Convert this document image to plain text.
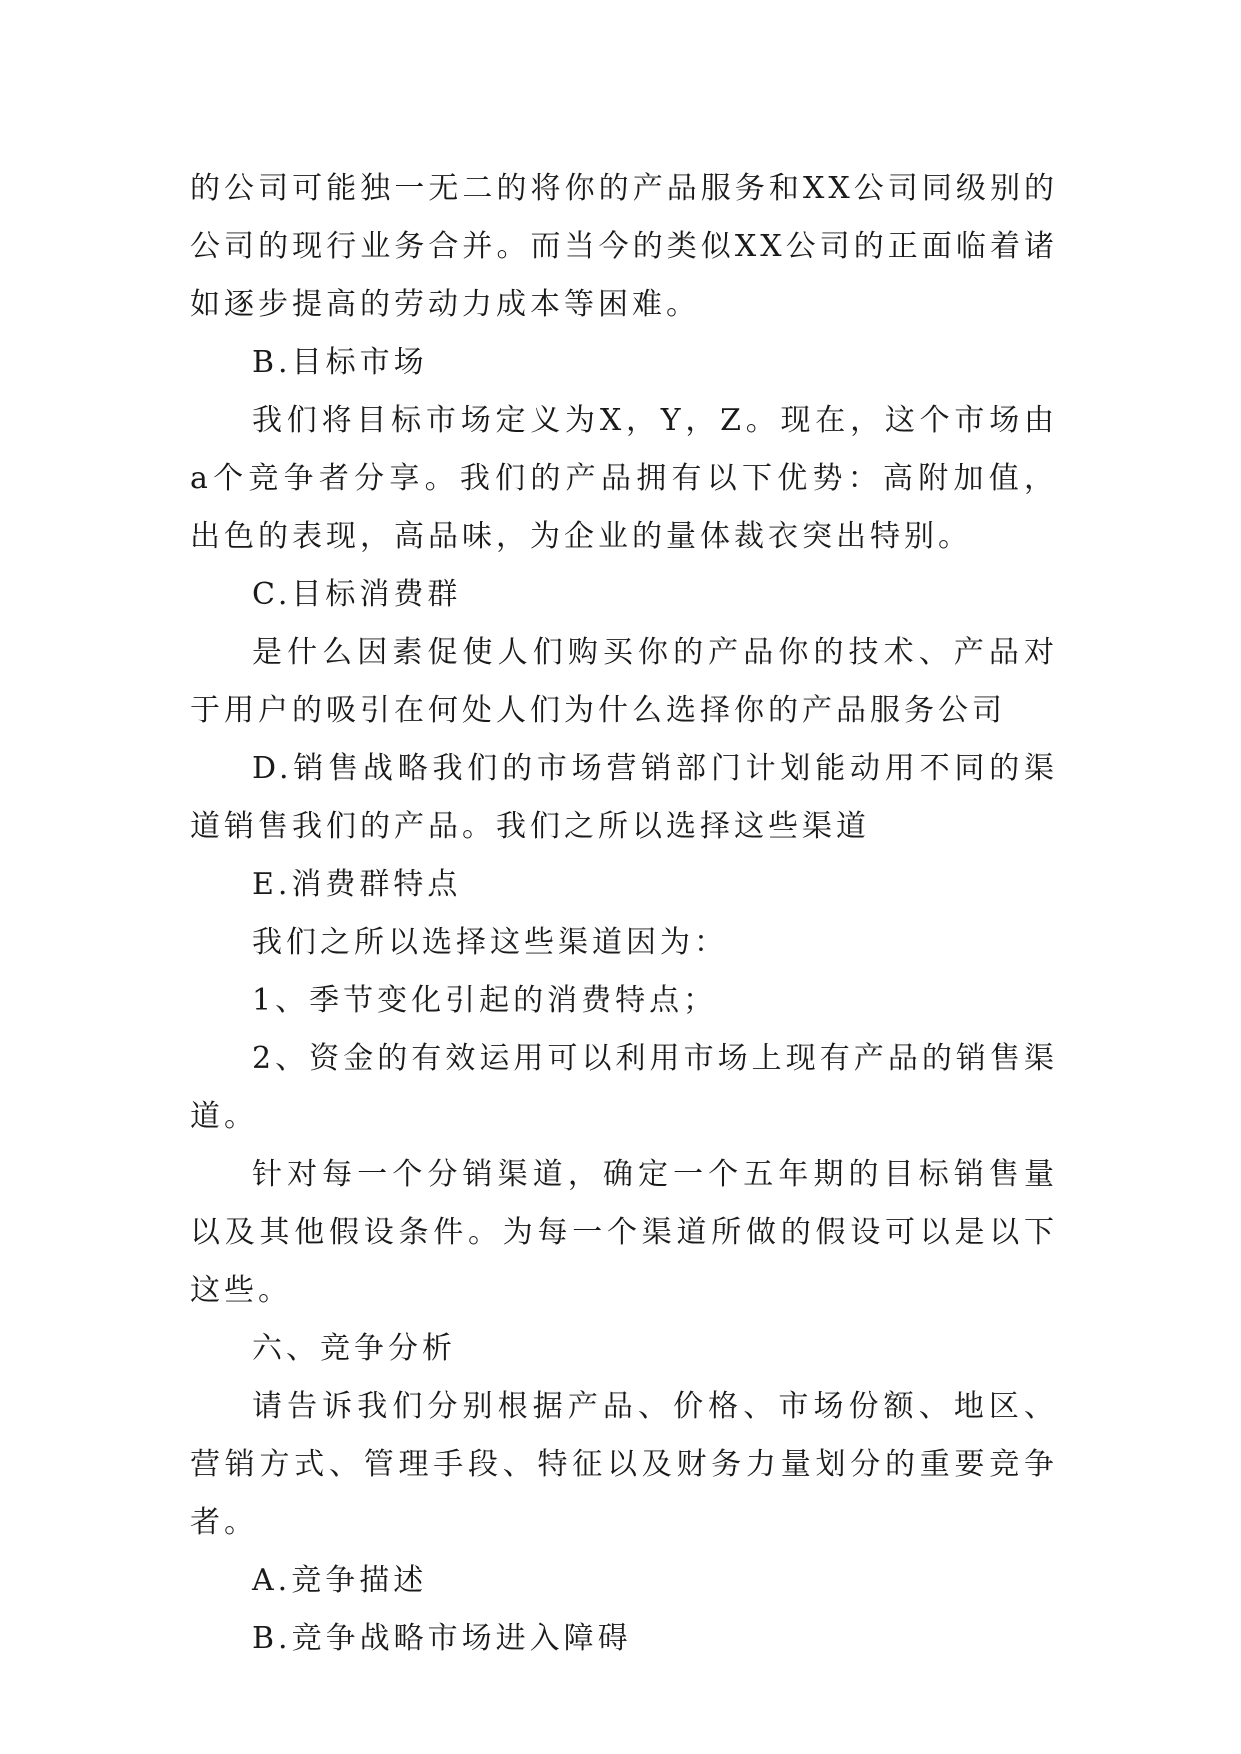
的公司可能独一无二的将你的产品服务和XX公司同级别的公司的现行业务合并。而当今的类似XX公司的正面临着诸如逐步提高的劳动力成本等困难。

B.目标市场

我们将目标市场定义为X，Y，Z。现在，这个市场由a个竞争者分享。我们的产品拥有以下优势：高附加值，出色的表现，高品味，为企业的量体裁衣突出特别。

C.目标消费群

是什么因素促使人们购买你的产品你的技术、产品对于用户的吸引在何处人们为什么选择你的产品服务公司

D.销售战略我们的市场营销部门计划能动用不同的渠道销售我们的产品。我们之所以选择这些渠道

E.消费群特点

我们之所以选择这些渠道因为：

1、季节变化引起的消费特点；

2、资金的有效运用可以利用市场上现有产品的销售渠道。

针对每一个分销渠道，确定一个五年期的目标销售量以及其他假设条件。为每一个渠道所做的假设可以是以下这些。

六、竞争分析

请告诉我们分别根据产品、价格、市场份额、地区、营销方式、管理手段、特征以及财务力量划分的重要竞争者。

A.竞争描述

B.竞争战略市场进入障碍
